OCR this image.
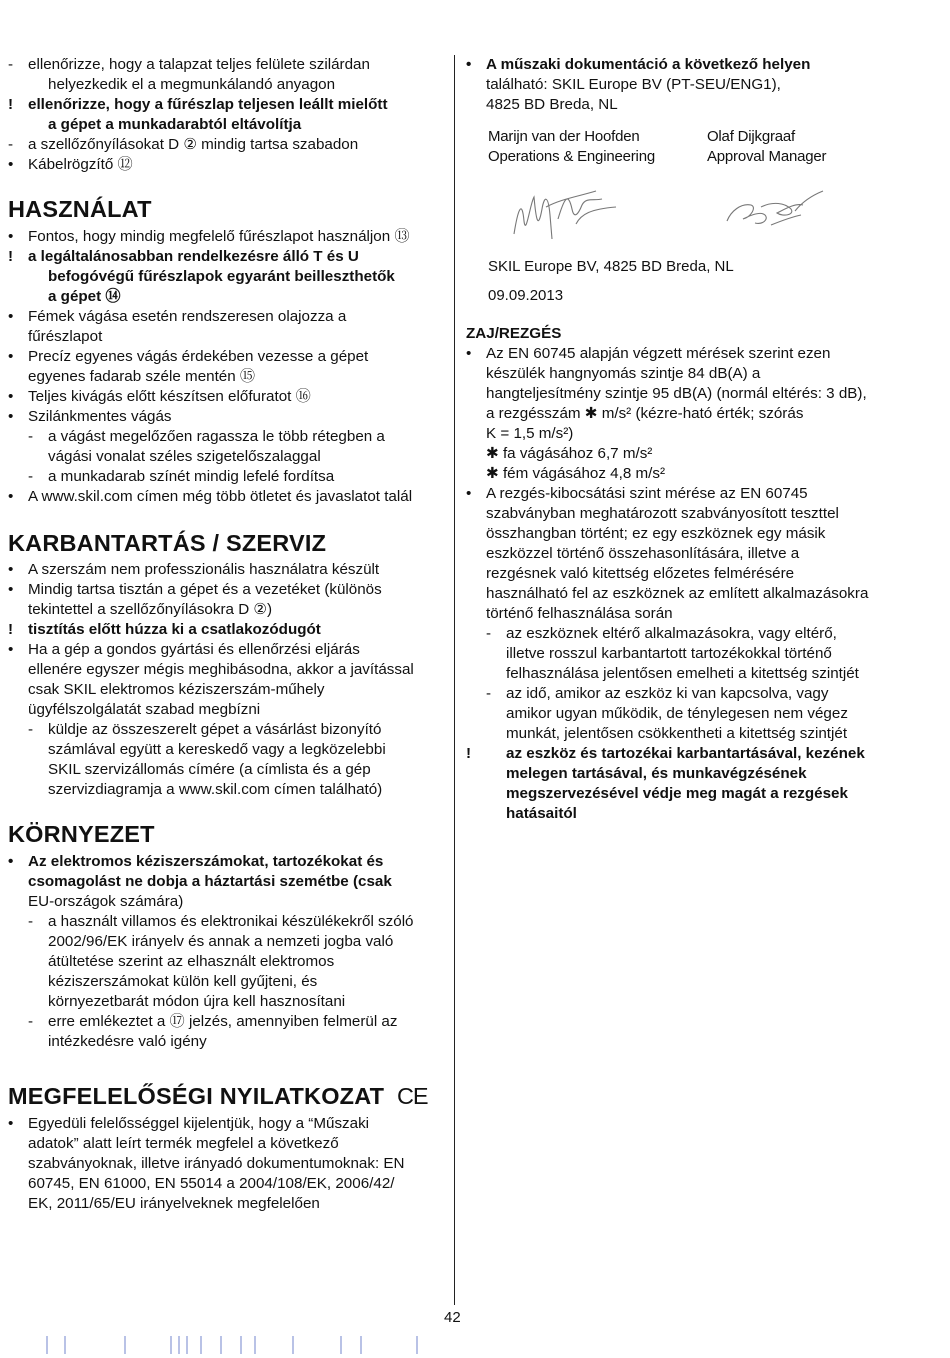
- ellenőrizze, hogy a talapzat teljes felülete szilárdan
helyezkedik el a megmunkálandó anyagon
! ellenőrizze, hogy a fűrészlap teljesen leállt mielőtt
a gépet a munkadarabtól eltávolítja
- a szellőzőnyílásokat D ② mindig tartsa szabadon
• Kábelrögzítő ⑫
HASZNÁLAT
• Fontos, hogy mindig megfelelő fűrészlapot használjon ⑬
! a legáltalánosabban rendelkezésre álló T és U
befogóvégű fűrészlapok egyaránt beilleszthetők
a gépet ⑭
• Fémek vágása esetén rendszeresen olajozza a
fűrészlapot
• Precíz egyenes vágás érdekében vezesse a gépet
egyenes fadarab széle mentén ⑮
• Teljes kivágás előtt készítsen előfuratot ⑯
• Szilánkmentes vágás
- a vágást megelőzően ragassza le több rétegben a
vágási vonalat széles szigetelőszalaggal
- a munkadarab színét mindig lefelé fordítsa
• A www.skil.com címen még több ötletet és javaslatot talál
KARBANTARTÁS / SZERVIZ
• A szerszám nem professzionális használatra készült
• Mindig tartsa tisztán a gépet és a vezetéket (különös
tekintettel a szellőzőnyílásokra D ②)
! tisztítás előtt húzza ki a csatlakozódugót
• Ha a gép a gondos gyártási és ellenőrzési eljárás
ellenére egyszer mégis meghibásodna, akkor a javítással
csak SKIL elektromos kéziszerszám-műhely
ügyfélszolgálatát szabad megbízni
- küldje az összeszerelt gépet a vásárlást bizonyító
számlával együtt a kereskedő vagy a legközelebbi
SKIL szervizállomás címére (a címlista és a gép
szervizdiagramja a www.skil.com címen található)
KÖRNYEZET
• Az elektromos kéziszerszámokat, tartozékokat és
csomagolást ne dobja a háztartási szemétbe (csak
EU-országok számára)
- a használt villamos és elektronikai készülékekről szóló
2002/96/EK irányelv és annak a nemzeti jogba való
átültetése szerint az elhasznált elektromos
kéziszerszámokat külön kell gyűjteni, és
környezetbarát módon újra kell hasznosítani
- erre emlékeztet a ⑰ jelzés, amennyiben felmerül az
intézkedésre való igény
MEGFELELŐSÉGI NYILATKOZAT CE
• Egyedüli felelősséggel kijelentjük, hogy a “Műszaki
adatok” alatt leírt termék megfelel a következő
szabványoknak, illetve irányadó dokumentumoknak: EN
60745, EN 61000, EN 55014 a 2004/108/EK, 2006/42/
EK, 2011/65/EU irányelveknek megfelelően
• A műszaki dokumentáció a következő helyen
található: SKIL Europe BV (PT-SEU/ENG1),
4825 BD Breda, NL
Marijn van der Hoofden
Operations & Engineering
Olaf Dijkgraaf
Approval Manager
SKIL Europe BV, 4825 BD Breda, NL
09.09.2013
ZAJ/REZGÉS
• Az EN 60745 alapján végzett mérések szerint ezen
készülék hangnyomás szintje 84 dB(A) a
hangteljesítmény szintje 95 dB(A) (normál eltérés: 3 dB),
a rezgésszám ✱ m/s² (kézre-ható érték; szórás
K = 1,5 m/s²)
✱ fa vágásához 6,7 m/s²
✱ fém vágásához 4,8 m/s²
• A rezgés-kibocsátási szint mérése az EN 60745
szabványban meghatározott szabványosított teszttel
összhangban történt; ez egy eszköznek egy másik
eszközzel történő összehasonlítására, illetve a
rezgésnek való kitettség előzetes felmérésére
használható fel az eszköznek az említett alkalmazásokra
történő felhasználása során
- az eszköznek eltérő alkalmazásokra, vagy eltérő,
illetve rosszul karbantartott tartozékokkal történő
felhasználása jelentősen emelheti a kitettség szintjét
- az idő, amikor az eszköz ki van kapcsolva, vagy
amikor ugyan működik, de ténylegesen nem végez
munkát, jelentősen csökkentheti a kitettség szintjét
!	az eszköz és tartozékai karbantartásával, kezének
melegen tartásával, és munkavégzésének
megszervezésével védje meg magát a rezgések
hatásaitól
42
